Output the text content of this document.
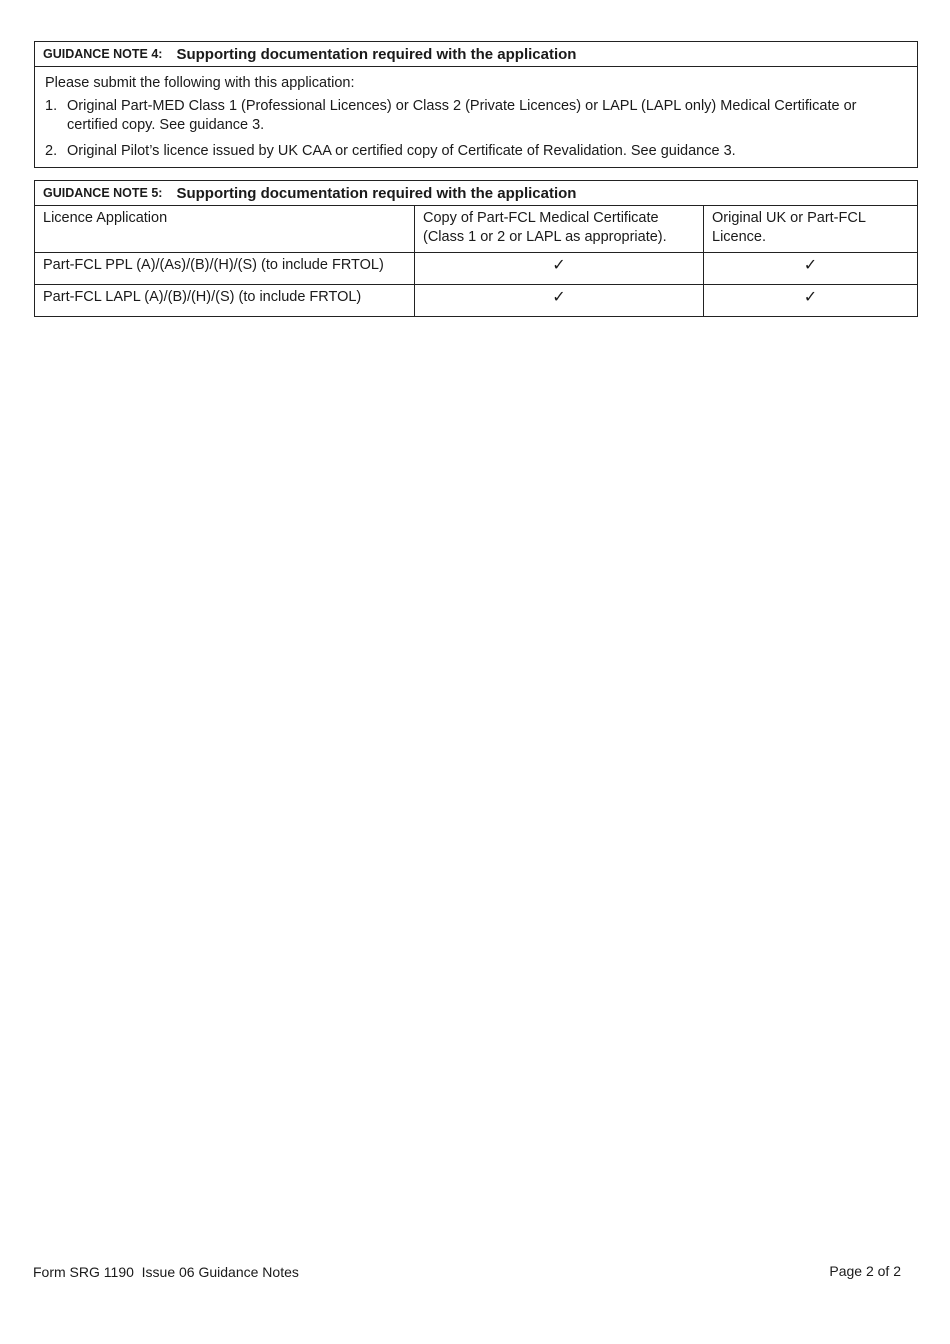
GUIDANCE NOTE 4: Supporting documentation required with the application

Please submit the following with this application:

1. Original Part-MED Class 1 (Professional Licences) or Class 2 (Private Licences) or LAPL (LAPL only) Medical Certificate or certified copy. See guidance 3.
2. Original Pilot’s licence issued by UK CAA or certified copy of Certificate of Revalidation. See guidance 3.
GUIDANCE NOTE 5: Supporting documentation required with the application
Licence Application	Copy of Part-FCL Medical Certificate (Class 1 or 2 or LAPL as appropriate).	Original UK or Part-FCL Licence.
Part-FCL PPL (A)/(As)/(B)/(H)/(S) (to include FRTOL)	✓	✓
Part-FCL LAPL (A)/(B)/(H)/(S) (to include FRTOL)	✓	✓
Form SRG 1190  Issue 06 Guidance Notes	Page 2 of 2
